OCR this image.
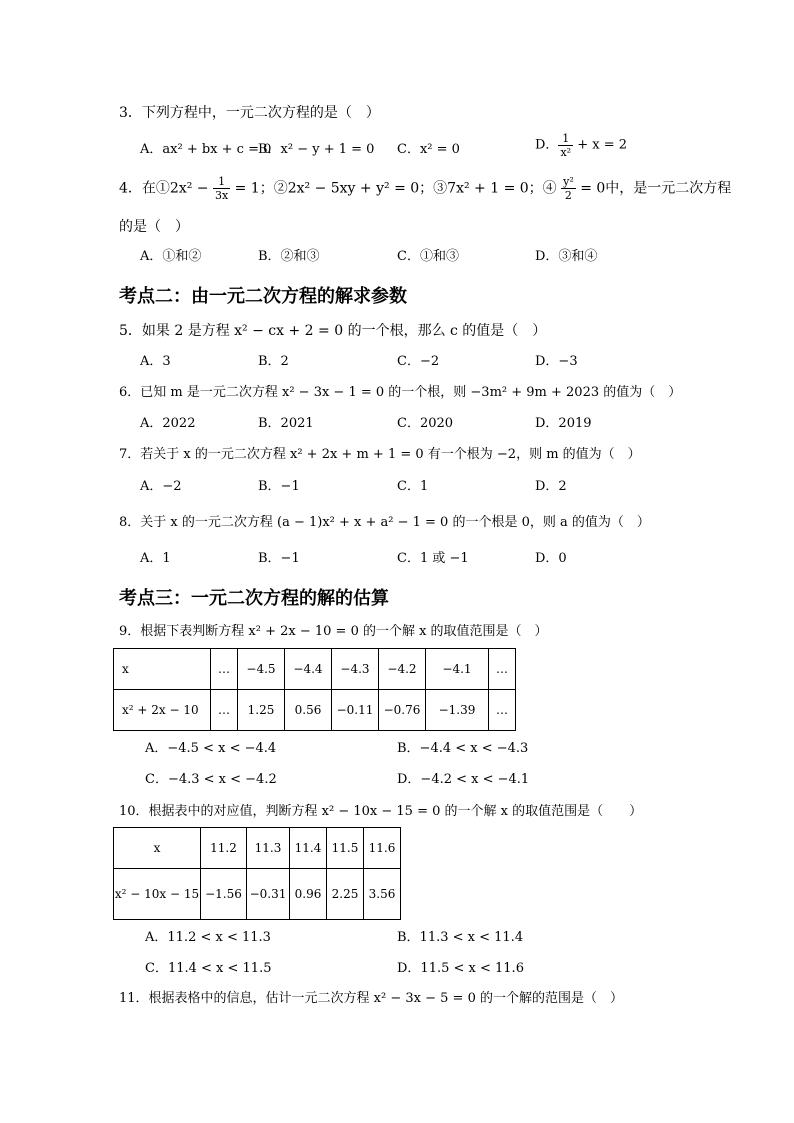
3．下列方程中，一元二次方程的是（　）
A．ax² + bx + c = 0
B．x² − y + 1 = 0 C．x² = 0	D． $\frac{1}{\text{x²}} + x = 2$
4．在①2x² − $\frac{1}{3x} = 1$；②2x² − 5xy + y² = 0；③7x² + 1 = 0；④ $\frac{\text{y²}}{2} = 0$中，是一元二次方程
的是（　）
A．①和②	B．②和③	C．①和③	D．③和④
考点二：由一元二次方程的解求参数
5．如果 2 是方程 x² − cx + 2 = 0 的一个根，那么 c 的值是（　）
A．3	B．2	C．−2	D．−3
6．已知 m 是一元二次方程 x² − 3x − 1 = 0 的一个根，则 −3m² + 9m + 2023 的值为（　）
A．2022	B．2021	C．2020	D．2019
7．若关于 x 的一元二次方程 x² + 2x + m + 1 = 0 有一个根为 −2，则 m 的值为（　）
A．−2	B．−1	C．1	D．2
8．关于 x 的一元二次方程 (a − 1)x² + x + a² − 1 = 0 的一个根是 0，则 a 的值为（　）
A．1	B．−1	C．1 或 −1	D．0
考点三：一元二次方程的解的估算
9．根据下表判断方程 x² + 2x − 10 = 0 的一个解 x 的取值范围是（　）
x	…	−4.5	−4.4	−4.3	−4.2	−4.1	…
x² + 2x − 10	…	1.25	0.56	−0.11	−0.76	−1.39	…
A．−4.5 < x < −4.4	B．−4.4 < x < −4.3
C．−4.3 < x < −4.2	D．−4.2 < x < −4.1
10．根据表中的对应值，判断方程 x² − 10x − 15 = 0 的一个解 x 的取值范围是（　　）
x	11.2	11.3	11.4	11.5	11.6
x² − 10x − 15	−1.56	−0.31	0.96	2.25	3.56
A．11.2 < x < 11.3	B．11.3 < x < 11.4
C．11.4 < x < 11.5	D．11.5 < x < 11.6
11．根据表格中的信息，估计一元二次方程 x² − 3x − 5 = 0 的一个解的范围是（　）
